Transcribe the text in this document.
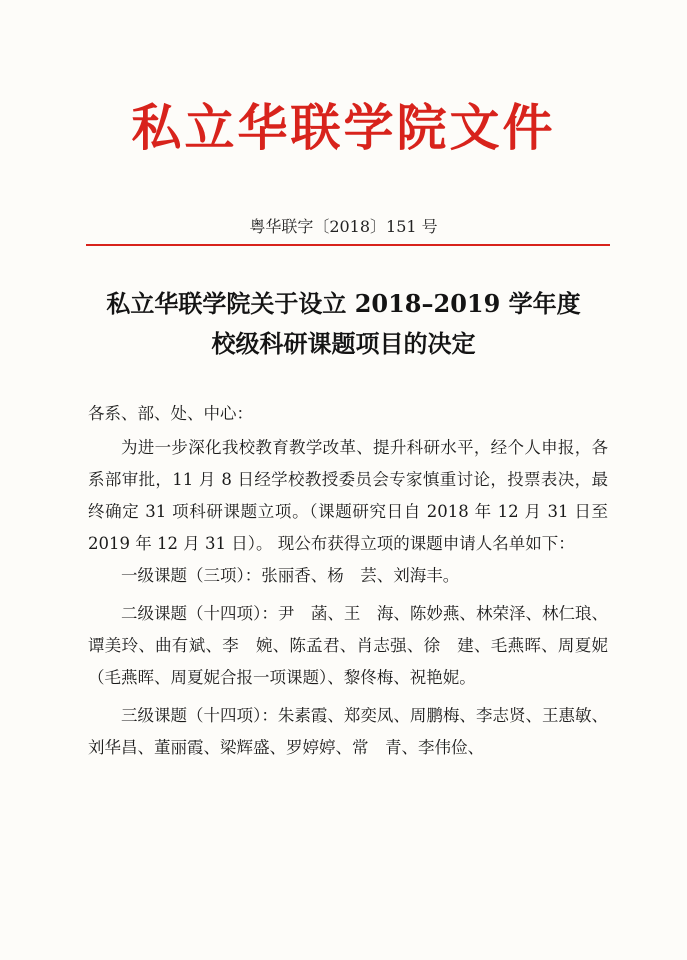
私立华联学院文件
粤华联字〔2018〕151 号
私立华联学院关于设立 2018–2019 学年度
校级科研课题项目的决定

各系、部、处、中心：

为进一步深化我校教育教学改革、提升科研水平，经个人申报，各系部审批，11 月 8 日经学校教授委员会专家慎重讨论，投票表决，最终确定 31 项科研课题立项。（课题研究日自 2018 年 12 月 31 日至 2019 年 12 月 31 日）。 现公布获得立项的课题申请人名单如下：

一级课题（三项）：张丽香、杨　芸、刘海丰。

二级课题（十四项）：尹　菡、王　海、陈妙燕、林荣泽、林仁琅、谭美玲、曲有斌、李　婉、陈孟君、肖志强、徐　建、毛燕晖、周夏妮（毛燕晖、周夏妮合报一项课题）、黎佟梅、祝艳妮。

三级课题（十四项）：朱素霞、郑奕凤、周鹏梅、李志贤、王惠敏、刘华昌、董丽霞、梁辉盛、罗婷婷、常　青、李伟俭、
